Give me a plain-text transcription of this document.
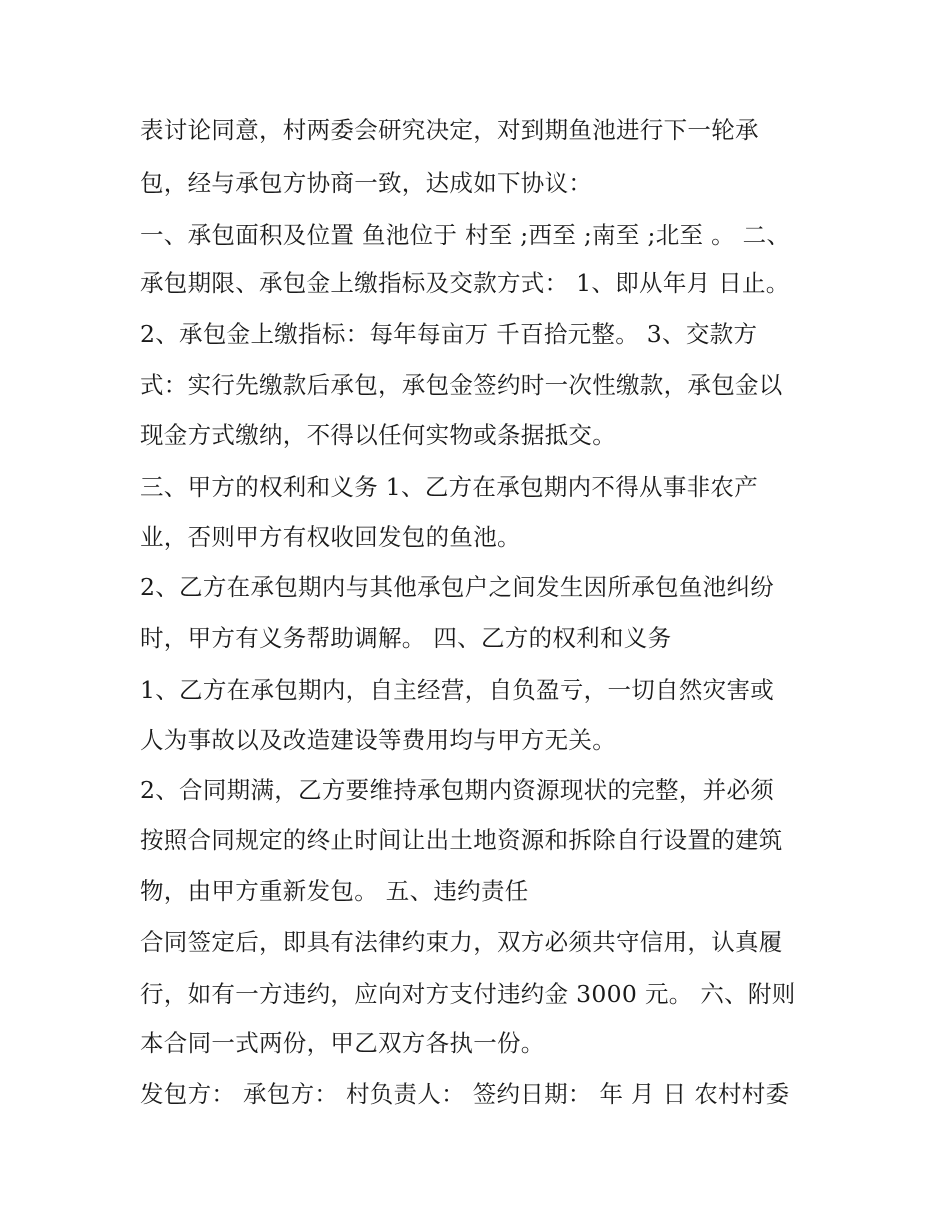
表讨论同意，村两委会研究决定，对到期鱼池进行下一轮承
包，经与承包方协商一致，达成如下协议：
一、承包面积及位置 鱼池位于 村至 ;西至 ;南至 ;北至 。 二、
承包期限、承包金上缴指标及交款方式： 1、即从年月 日止。
2、承包金上缴指标：每年每亩万 千百拾元整。 3、交款方
式：实行先缴款后承包，承包金签约时一次性缴款，承包金以
现金方式缴纳，不得以任何实物或条据抵交。
三、甲方的权利和义务 1、乙方在承包期内不得从事非农产
业，否则甲方有权收回发包的鱼池。
2、乙方在承包期内与其他承包户之间发生因所承包鱼池纠纷
时，甲方有义务帮助调解。 四、乙方的权利和义务
1、乙方在承包期内，自主经营，自负盈亏，一切自然灾害或
人为事故以及改造建设等费用均与甲方无关。
2、合同期满，乙方要维持承包期内资源现状的完整，并必须
按照合同规定的终止时间让出土地资源和拆除自行设置的建筑
物，由甲方重新发包。 五、违约责任
合同签定后，即具有法律约束力，双方必须共守信用，认真履
行，如有一方违约，应向对方支付违约金 3000 元。 六、附则
本合同一式两份，甲乙双方各执一份。
发包方： 承包方： 村负责人： 签约日期： 年 月 日 农村村委
